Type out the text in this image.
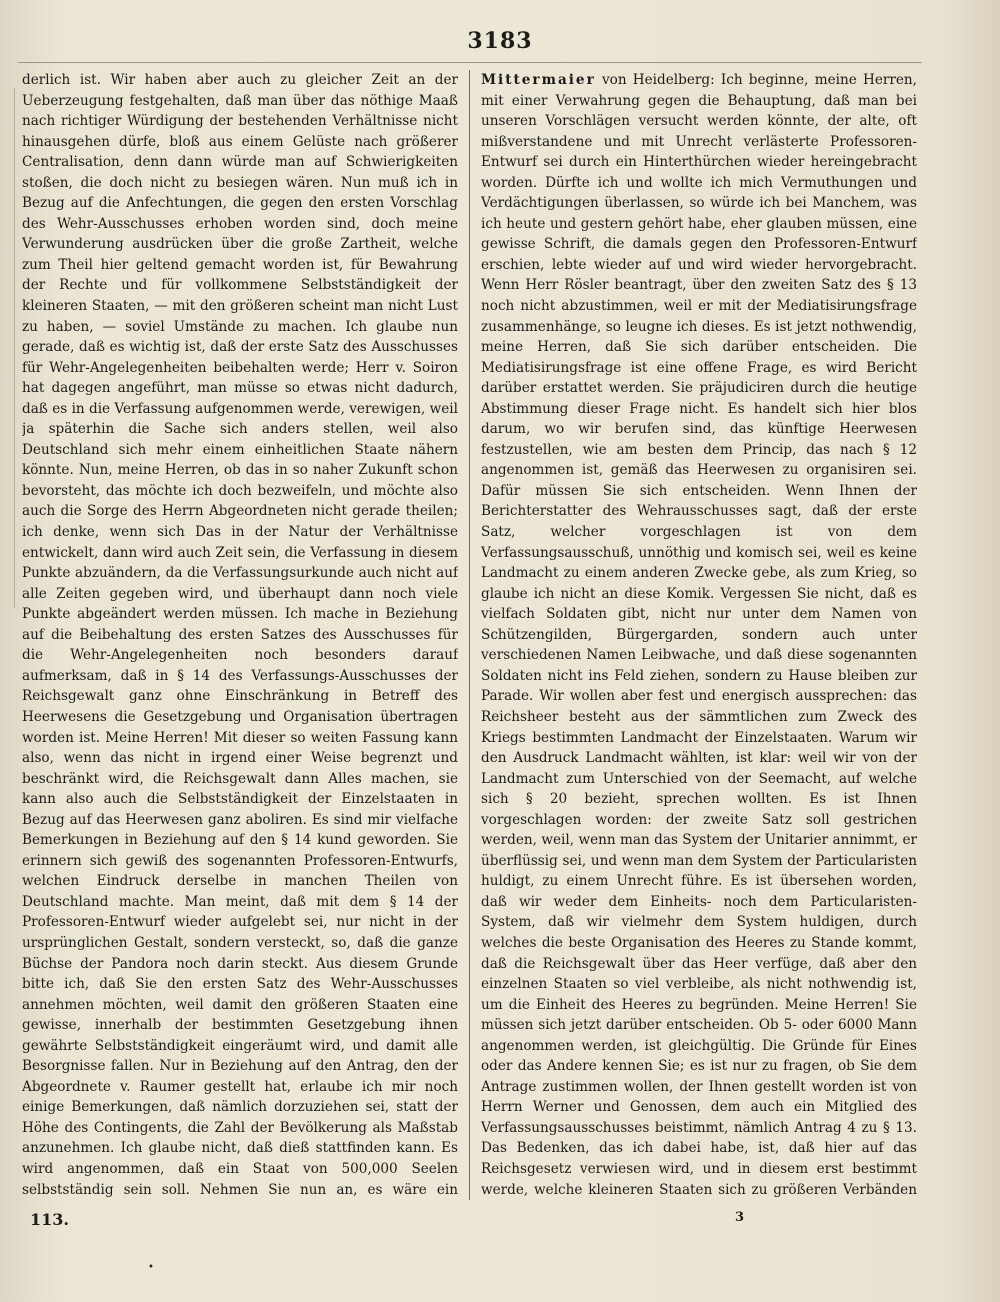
3183

derlich ist. Wir haben aber auch zu gleicher Zeit an der Ueberzeugung festgehalten, daß man über das nöthige Maaß nach richtiger Würdigung der bestehenden Verhältnisse nicht hinausgehen dürfe, bloß aus einem Gelüste nach größerer Centralisation, denn dann würde man auf Schwierigkeiten stoßen, die doch nicht zu besiegen wären. Nun muß ich in Bezug auf die Anfechtungen, die gegen den ersten Vorschlag des Wehr-Ausschusses erhoben worden sind, doch meine Verwunderung ausdrücken über die große Zartheit, welche zum Theil hier geltend gemacht worden ist, für Bewahrung der Rechte und für vollkommene Selbstständigkeit der kleineren Staaten, — mit den größeren scheint man nicht Lust zu haben, — soviel Umstände zu machen. Ich glaube nun gerade, daß es wichtig ist, daß der erste Satz des Ausschusses für Wehr-Angelegenheiten beibehalten werde; Herr v. Soiron hat dagegen angeführt, man müsse so etwas nicht dadurch, daß es in die Verfassung aufgenommen werde, verewigen, weil ja späterhin die Sache sich anders stellen, weil also Deutschland sich mehr einem einheitlichen Staate nähern könnte. Nun, meine Herren, ob das in so naher Zukunft schon bevorsteht, das möchte ich doch bezweifeln, und möchte also auch die Sorge des Herrn Abgeordneten nicht gerade theilen; ich denke, wenn sich Das in der Natur der Verhältnisse entwickelt, dann wird auch Zeit sein, die Verfassung in diesem Punkte abzuändern, da die Verfassungsurkunde auch nicht auf alle Zeiten gegeben wird, und überhaupt dann noch viele Punkte abgeändert werden müssen. Ich mache in Beziehung auf die Beibehaltung des ersten Satzes des Ausschusses für die Wehr-Angelegenheiten noch besonders darauf aufmerksam, daß in § 14 des Verfassungs-Ausschusses der Reichsgewalt ganz ohne Einschränkung in Betreff des Heerwesens die Gesetzgebung und Organisation übertragen worden ist. Meine Herren! Mit dieser so weiten Fassung kann also, wenn das nicht in irgend einer Weise begrenzt und beschränkt wird, die Reichsgewalt dann Alles machen, sie kann also auch die Selbstständigkeit der Einzelstaaten in Bezug auf das Heerwesen ganz aboliren. Es sind mir vielfache Bemerkungen in Beziehung auf den § 14 kund geworden. Sie erinnern sich gewiß des sogenannten Professoren-Entwurfs, welchen Eindruck derselbe in manchen Theilen von Deutschland machte. Man meint, daß mit dem § 14 der Professoren-Entwurf wieder aufgelebt sei, nur nicht in der ursprünglichen Gestalt, sondern versteckt, so, daß die ganze Büchse der Pandora noch darin steckt. Aus diesem Grunde bitte ich, daß Sie den ersten Satz des Wehr-Ausschusses annehmen möchten, weil damit den größeren Staaten eine gewisse, innerhalb der bestimmten Gesetzgebung ihnen gewährte Selbstständigkeit eingeräumt wird, und damit alle Besorgnisse fallen. Nur in Beziehung auf den Antrag, den der Abgeordnete v. Raumer gestellt hat, erlaube ich mir noch einige Bemerkungen, daß nämlich dorzuziehen sei, statt der Höhe des Contingents, die Zahl der Bevölkerung als Maßstab anzunehmen. Ich glaube nicht, daß dieß stattfinden kann. Es wird angenommen, daß ein Staat von 500,000 Seelen selbstständig sein soll. Nehmen Sie nun an, es wäre ein

Mittermaier von Heidelberg: Ich beginne, meine Herren, mit einer Verwahrung gegen die Behauptung, daß man bei unseren Vorschlägen versucht werden könnte, der alte, oft mißverstandene und mit Unrecht verlästerte Professoren-Entwurf sei durch ein Hinterthürchen wieder hereingebracht worden. Dürfte ich und wollte ich mich Vermuthungen und Verdächtigungen überlassen, so würde ich bei Manchem, was ich heute und gestern gehört habe, eher glauben müssen, eine gewisse Schrift, die damals gegen den Professoren-Entwurf erschien, lebte wieder auf und wird wieder hervorgebracht. Wenn Herr Rösler beantragt, über den zweiten Satz des § 13 noch nicht abzustimmen, weil er mit der Mediatisirungsfrage zusammenhänge, so leugne ich dieses. Es ist jetzt nothwendig, meine Herren, daß Sie sich darüber entscheiden. Die Mediatisirungsfrage ist eine offene Frage, es wird Bericht darüber erstattet werden. Sie präjudiciren durch die heutige Abstimmung dieser Frage nicht. Es handelt sich hier blos darum, wo wir berufen sind, das künftige Heerwesen festzustellen, wie am besten dem Princip, das nach § 12 angenommen ist, gemäß das Heerwesen zu organisiren sei. Dafür müssen Sie sich entscheiden. Wenn Ihnen der Berichterstatter des Wehrausschusses sagt, daß der erste Satz, welcher vorgeschlagen ist von dem Verfassungsausschuß, unnöthig und komisch sei, weil es keine Landmacht zu einem anderen Zwecke gebe, als zum Krieg, so glaube ich nicht an diese Komik. Vergessen Sie nicht, daß es vielfach Soldaten gibt, nicht nur unter dem Namen von Schützengilden, Bürgergarden, sondern auch unter verschiedenen Namen Leibwache, und daß diese sogenannten Soldaten nicht ins Feld ziehen, sondern zu Hause bleiben zur Parade. Wir wollen aber fest und energisch aussprechen: das Reichsheer besteht aus der sämmtlichen zum Zweck des Kriegs bestimmten Landmacht der Einzelstaaten. Warum wir den Ausdruck Landmacht wählten, ist klar: weil wir von der Landmacht zum Unterschied von der Seemacht, auf welche sich § 20 bezieht, sprechen wollten. Es ist Ihnen vorgeschlagen worden: der zweite Satz soll gestrichen werden, weil, wenn man das System der Unitarier annimmt, er überflüssig sei, und wenn man dem System der Particularisten huldigt, zu einem Unrecht führe. Es ist übersehen worden, daß wir weder dem Einheits- noch dem Particularisten-System, daß wir vielmehr dem System huldigen, durch welches die beste Organisation des Heeres zu Stande kommt, daß die Reichsgewalt über das Heer verfüge, daß aber den einzelnen Staaten so viel verbleibe, als nicht nothwendig ist, um die Einheit des Heeres zu begründen. Meine Herren! Sie müssen sich jetzt darüber entscheiden. Ob 5- oder 6000 Mann angenommen werden, ist gleichgültig. Die Gründe für Eines oder das Andere kennen Sie; es ist nur zu fragen, ob Sie dem Antrage zustimmen wollen, der Ihnen gestellt worden ist von Herrn Werner und Genossen, dem auch ein Mitglied des Verfassungsausschusses beistimmt, nämlich Antrag 4 zu § 13. Das Bedenken, das ich dabei habe, ist, daß hier auf das Reichsgesetz verwiesen wird, und in diesem erst bestimmt werde, welche kleineren Staaten sich zu größeren Verbänden

113.	3
•
